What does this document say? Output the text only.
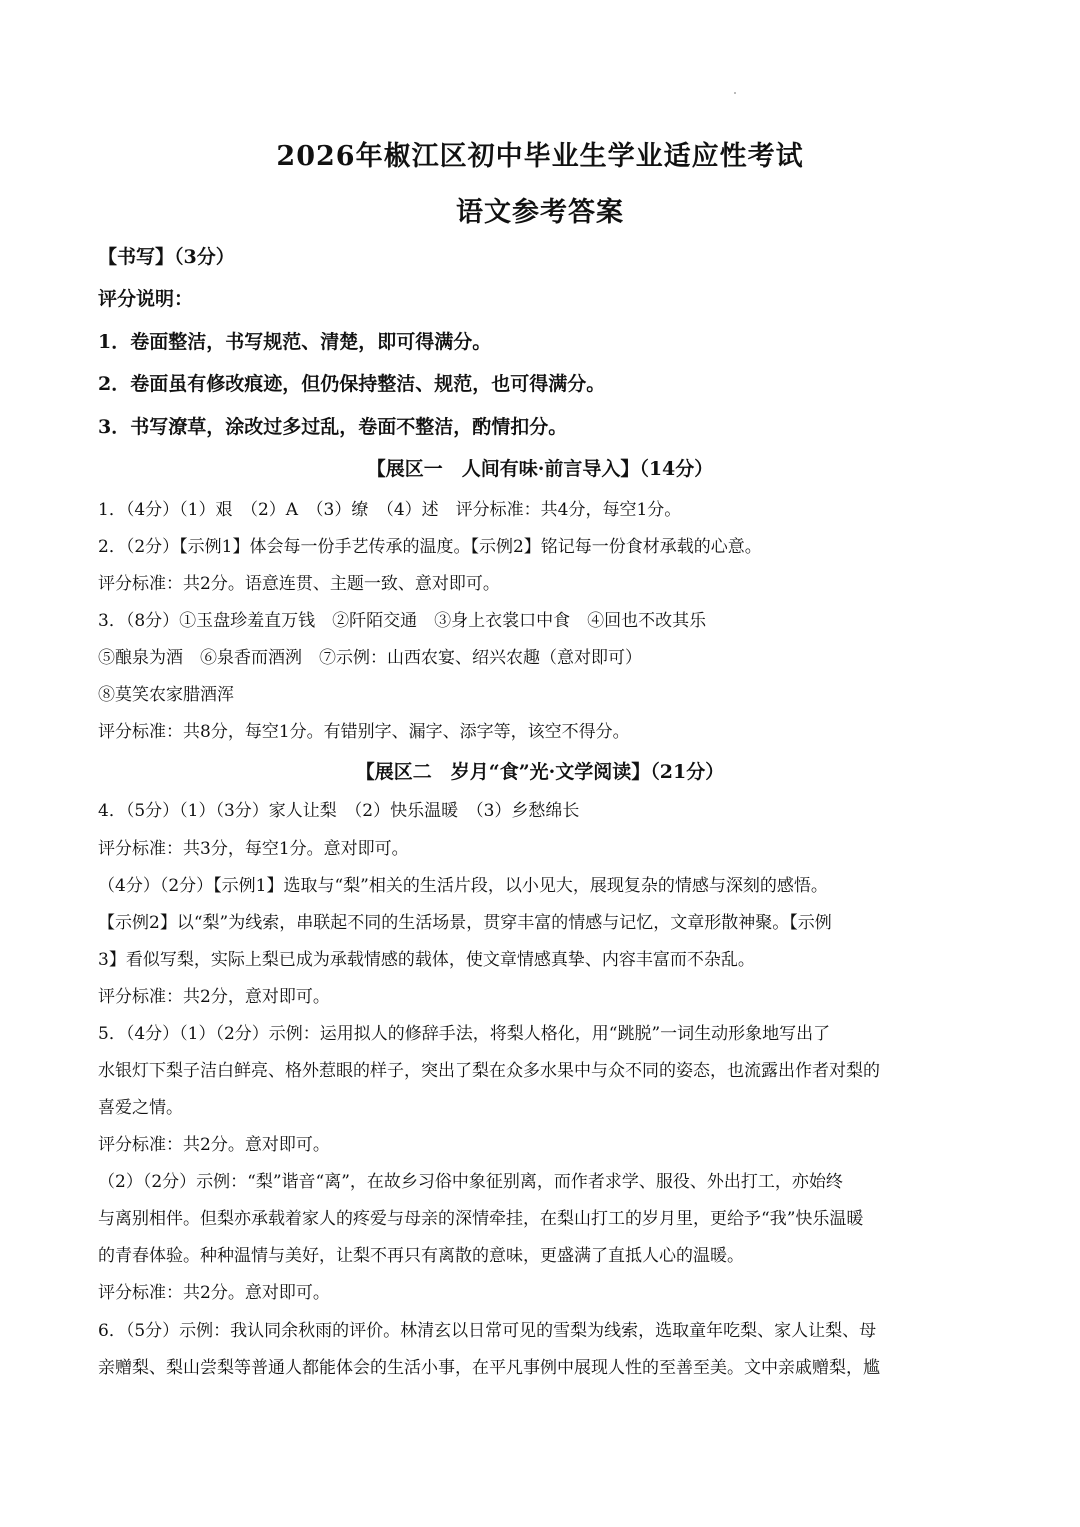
2026年椒江区初中毕业生学业适应性考试
语文参考答案
【书写】（3分）
评分说明：
1．卷面整洁，书写规范、清楚，即可得满分。
2．卷面虽有修改痕迹，但仍保持整洁、规范，也可得满分。
3．书写潦草，涂改过多过乱，卷面不整洁，酌情扣分。
【展区一　人间有味·前言导入】（14分）
1．（4分）（1）艰　（2）A　（3）缭　（4）述　评分标准：共4分，每空1分。
2．（2分）【示例1】体会每一份手艺传承的温度。【示例2】铭记每一份食材承载的心意。
评分标准：共2分。语意连贯、主题一致、意对即可。
3．（8分）①玉盘珍羞直万钱　②阡陌交通　③身上衣裳口中食　④回也不改其乐
⑤酿泉为酒　⑥泉香而酒洌　⑦示例：山西农宴、绍兴农趣（意对即可）
⑧莫笑农家腊酒浑
评分标准：共8分，每空1分。有错别字、漏字、添字等，该空不得分。
【展区二　岁月“食”光·文学阅读】（21分）
4．（5分）（1）（3分）家人让梨　（2）快乐温暖　（3）乡愁绵长
评分标准：共3分，每空1分。意对即可。
（4分）（2分）【示例1】选取与“梨”相关的生活片段，以小见大，展现复杂的情感与深刻的感悟。
【示例2】以“梨”为线索，串联起不同的生活场景，贯穿丰富的情感与记忆，文章形散神聚。【示例
3】看似写梨，实际上梨已成为承载情感的载体，使文章情感真挚、内容丰富而不杂乱。
评分标准：共2分，意对即可。
5．（4分）（1）（2分）示例：运用拟人的修辞手法，将梨人格化，用“跳脱”一词生动形象地写出了
水银灯下梨子洁白鲜亮、格外惹眼的样子，突出了梨在众多水果中与众不同的姿态，也流露出作者对梨的
喜爱之情。
评分标准：共2分。意对即可。
（2）（2分）示例：“梨”谐音“离”，在故乡习俗中象征别离，而作者求学、服役、外出打工，亦始终
与离别相伴。但梨亦承载着家人的疼爱与母亲的深情牵挂，在梨山打工的岁月里，更给予“我”快乐温暖
的青春体验。种种温情与美好，让梨不再只有离散的意味，更盛满了直抵人心的温暖。
评分标准：共2分。意对即可。
6．（5分）示例：我认同余秋雨的评价。林清玄以日常可见的雪梨为线索，选取童年吃梨、家人让梨、母
亲赠梨、梨山尝梨等普通人都能体会的生活小事，在平凡事例中展现人性的至善至美。文中亲戚赠梨，尴
